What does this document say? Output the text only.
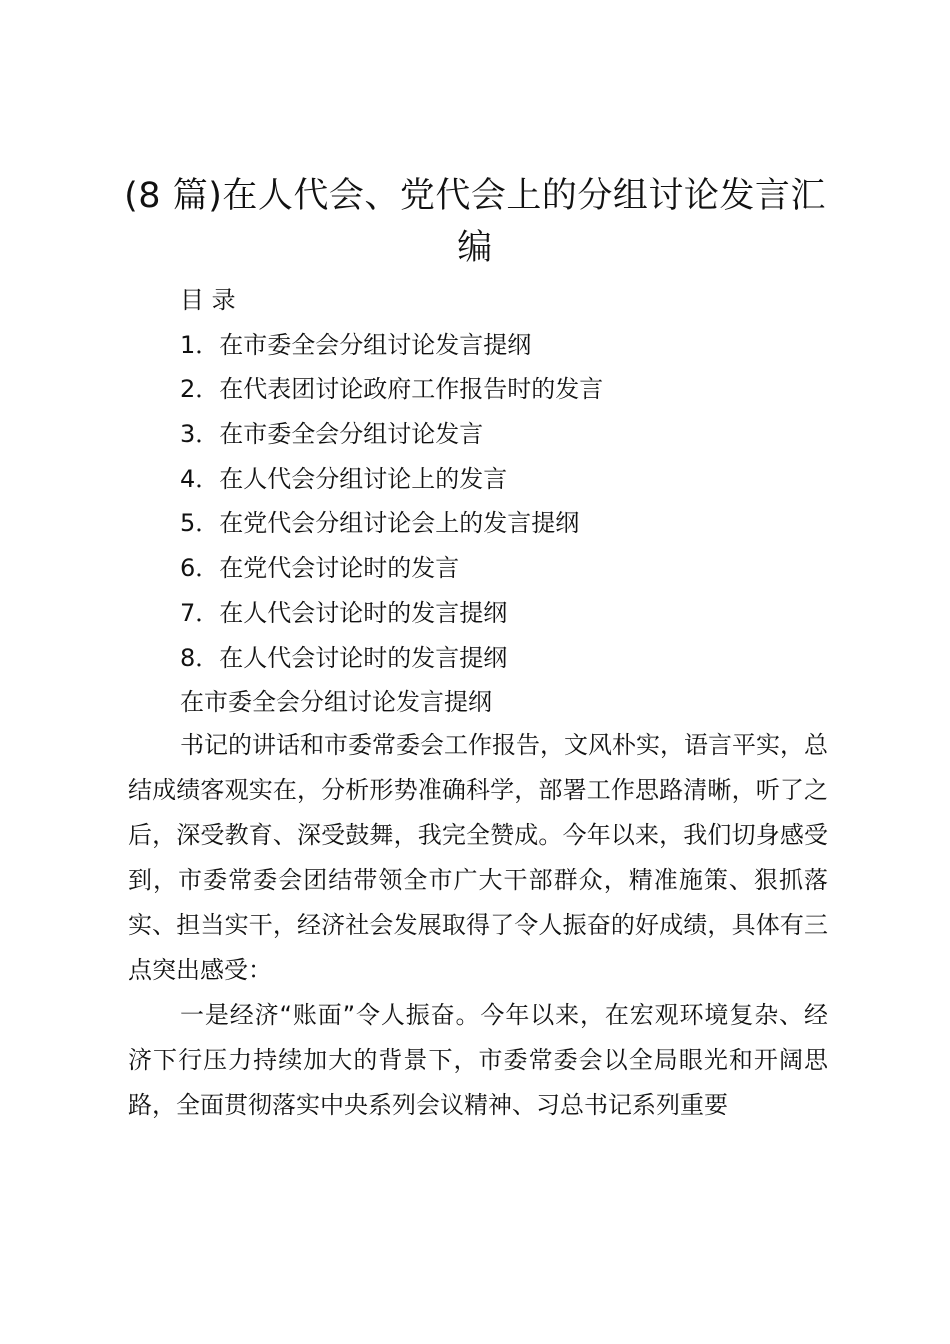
(8 篇)在人代会、党代会上的分组讨论发言汇编
目 录
1．在市委全会分组讨论发言提纲
2．在代表团讨论政府工作报告时的发言
3．在市委全会分组讨论发言
4．在人代会分组讨论上的发言
5．在党代会分组讨论会上的发言提纲
6．在党代会讨论时的发言
7．在人代会讨论时的发言提纲
8．在人代会讨论时的发言提纲
在市委全会分组讨论发言提纲

书记的讲话和市委常委会工作报告，文风朴实，语言平实，总结成绩客观实在，分析形势准确科学，部署工作思路清晰，听了之后，深受教育、深受鼓舞，我完全赞成。今年以来，我们切身感受到，市委常委会团结带领全市广大干部群众，精准施策、狠抓落实、担当实干，经济社会发展取得了令人振奋的好成绩，具体有三点突出感受：

一是经济“账面”令人振奋。今年以来，在宏观环境复杂、经济下行压力持续加大的背景下，市委常委会以全局眼光和开阔思路，全面贯彻落实中央系列会议精神、习总书记系列重要
